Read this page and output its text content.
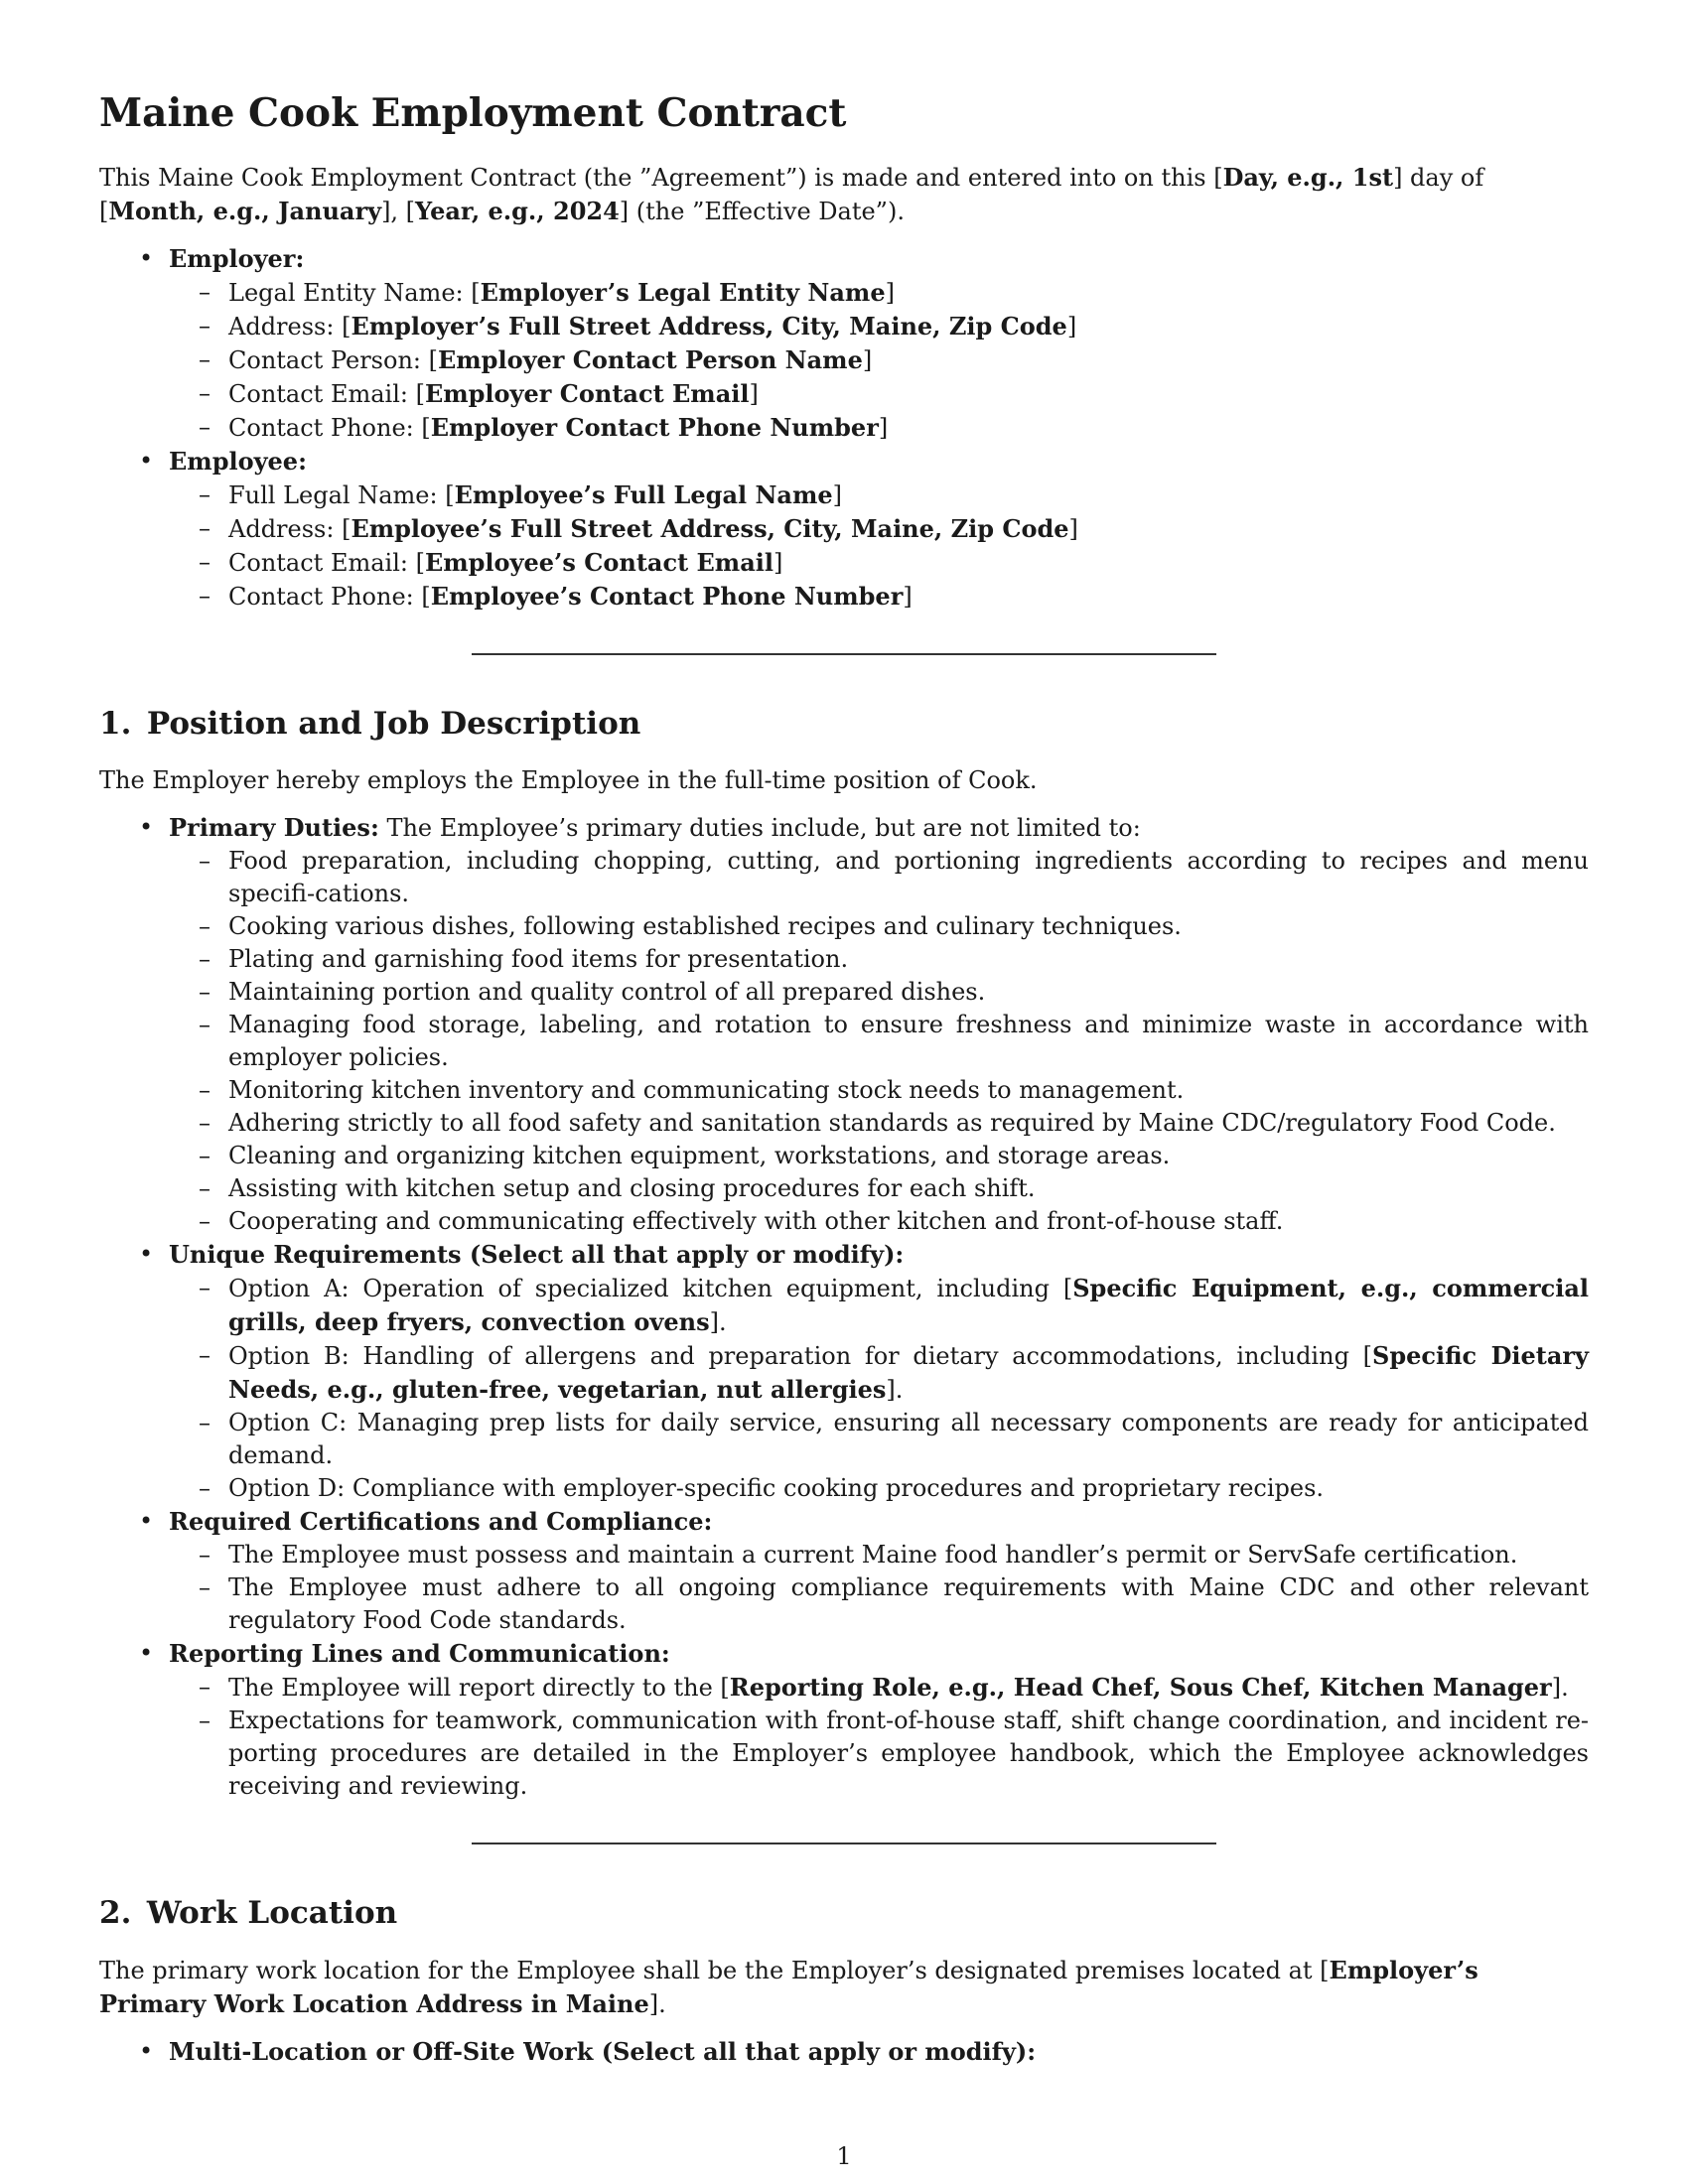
Maine Cook Employment Contract

This Maine Cook Employment Contract (the ”Agreement”) is made and entered into on this [Day, e.g., 1st] day of [Month, e.g., January], [Year, e.g., 2024] (the ”Effective Date”).

• Employer:
– Legal Entity Name: [Employer’s Legal Entity Name]
– Address: [Employer’s Full Street Address, City, Maine, Zip Code]
– Contact Person: [Employer Contact Person Name]
– Contact Email: [Employer Contact Email]
– Contact Phone: [Employer Contact Phone Number]
• Employee:
– Full Legal Name: [Employee’s Full Legal Name]
– Address: [Employee’s Full Street Address, City, Maine, Zip Code]
– Contact Email: [Employee’s Contact Email]
– Contact Phone: [Employee’s Contact Phone Number]
1. Position and Job Description

The Employer hereby employs the Employee in the full-time position of Cook.

• Primary Duties: The Employee’s primary duties include, but are not limited to:
– Food preparation, including chopping, cutting, and portioning ingredients according to recipes and menu specifi-cations.
– Cooking various dishes, following established recipes and culinary techniques.
– Plating and garnishing food items for presentation.
– Maintaining portion and quality control of all prepared dishes.
– Managing food storage, labeling, and rotation to ensure freshness and minimize waste in accordance with employer policies.
– Monitoring kitchen inventory and communicating stock needs to management.
– Adhering strictly to all food safety and sanitation standards as required by Maine CDC/regulatory Food Code.
– Cleaning and organizing kitchen equipment, workstations, and storage areas.
– Assisting with kitchen setup and closing procedures for each shift.
– Cooperating and communicating effectively with other kitchen and front-of-house staff.
• Unique Requirements (Select all that apply or modify):
– Option A: Operation of specialized kitchen equipment, including [Specific Equipment, e.g., commercial grills, deep fryers, convection ovens].
– Option B: Handling of allergens and preparation for dietary accommodations, including [Specific Dietary Needs, e.g., gluten-free, vegetarian, nut allergies].
– Option C: Managing prep lists for daily service, ensuring all necessary components are ready for anticipated demand.
– Option D: Compliance with employer-specific cooking procedures and proprietary recipes.
• Required Certifications and Compliance:
– The Employee must possess and maintain a current Maine food handler’s permit or ServSafe certification.
– The Employee must adhere to all ongoing compliance requirements with Maine CDC and other relevant regulatory Food Code standards.
• Reporting Lines and Communication:
– The Employee will report directly to the [Reporting Role, e.g., Head Chef, Sous Chef, Kitchen Manager].
– Expectations for teamwork, communication with front-of-house staff, shift change coordination, and incident re-porting procedures are detailed in the Employer’s employee handbook, which the Employee acknowledges receiving and reviewing.
2. Work Location

The primary work location for the Employee shall be the Employer’s designated premises located at [Employer’s Primary Work Location Address in Maine].

• Multi-Location or Off-Site Work (Select all that apply or modify):
1
